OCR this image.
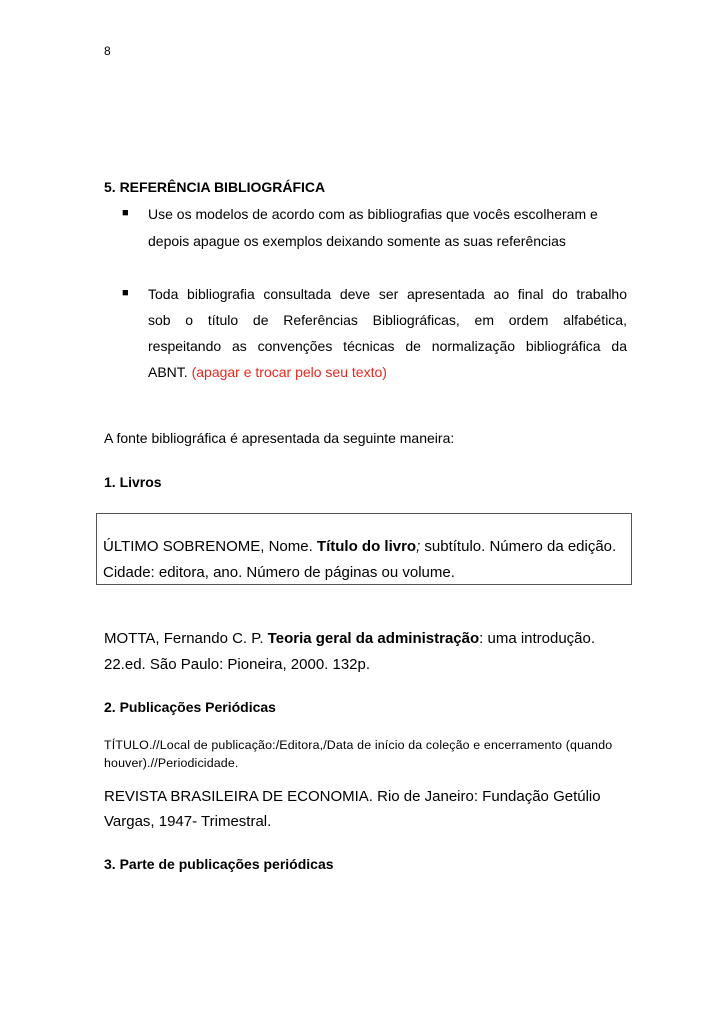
8
5. REFERÊNCIA BIBLIOGRÁFICA
■ Use os modelos de acordo com as bibliografias que vocês escolheram e
depois apague os exemplos deixando somente as suas referências
■ Toda bibliografia consultada deve ser apresentada ao final do trabalho
sob o título de Referências Bibliográficas, em ordem alfabética,
respeitando as convenções técnicas de normalização bibliográfica da
ABNT. (apagar e trocar pelo seu texto)
A fonte bibliográfica é apresentada da seguinte maneira:
1. Livros
ÚLTIMO SOBRENOME, Nome. Título do livro; subtítulo. Número da edição.
Cidade: editora, ano. Número de páginas ou volume.
MOTTA, Fernando C. P. Teoria geral da administração: uma introdução.
22.ed. São Paulo: Pioneira, 2000. 132p.
2. Publicações Periódicas
TÍTULO.//Local de publicação:/Editora,/Data de início da coleção e encerramento (quando
houver).//Periodicidade.
REVISTA BRASILEIRA DE ECONOMIA. Rio de Janeiro: Fundação Getúlio
Vargas, 1947- Trimestral.
3. Parte de publicações periódicas
